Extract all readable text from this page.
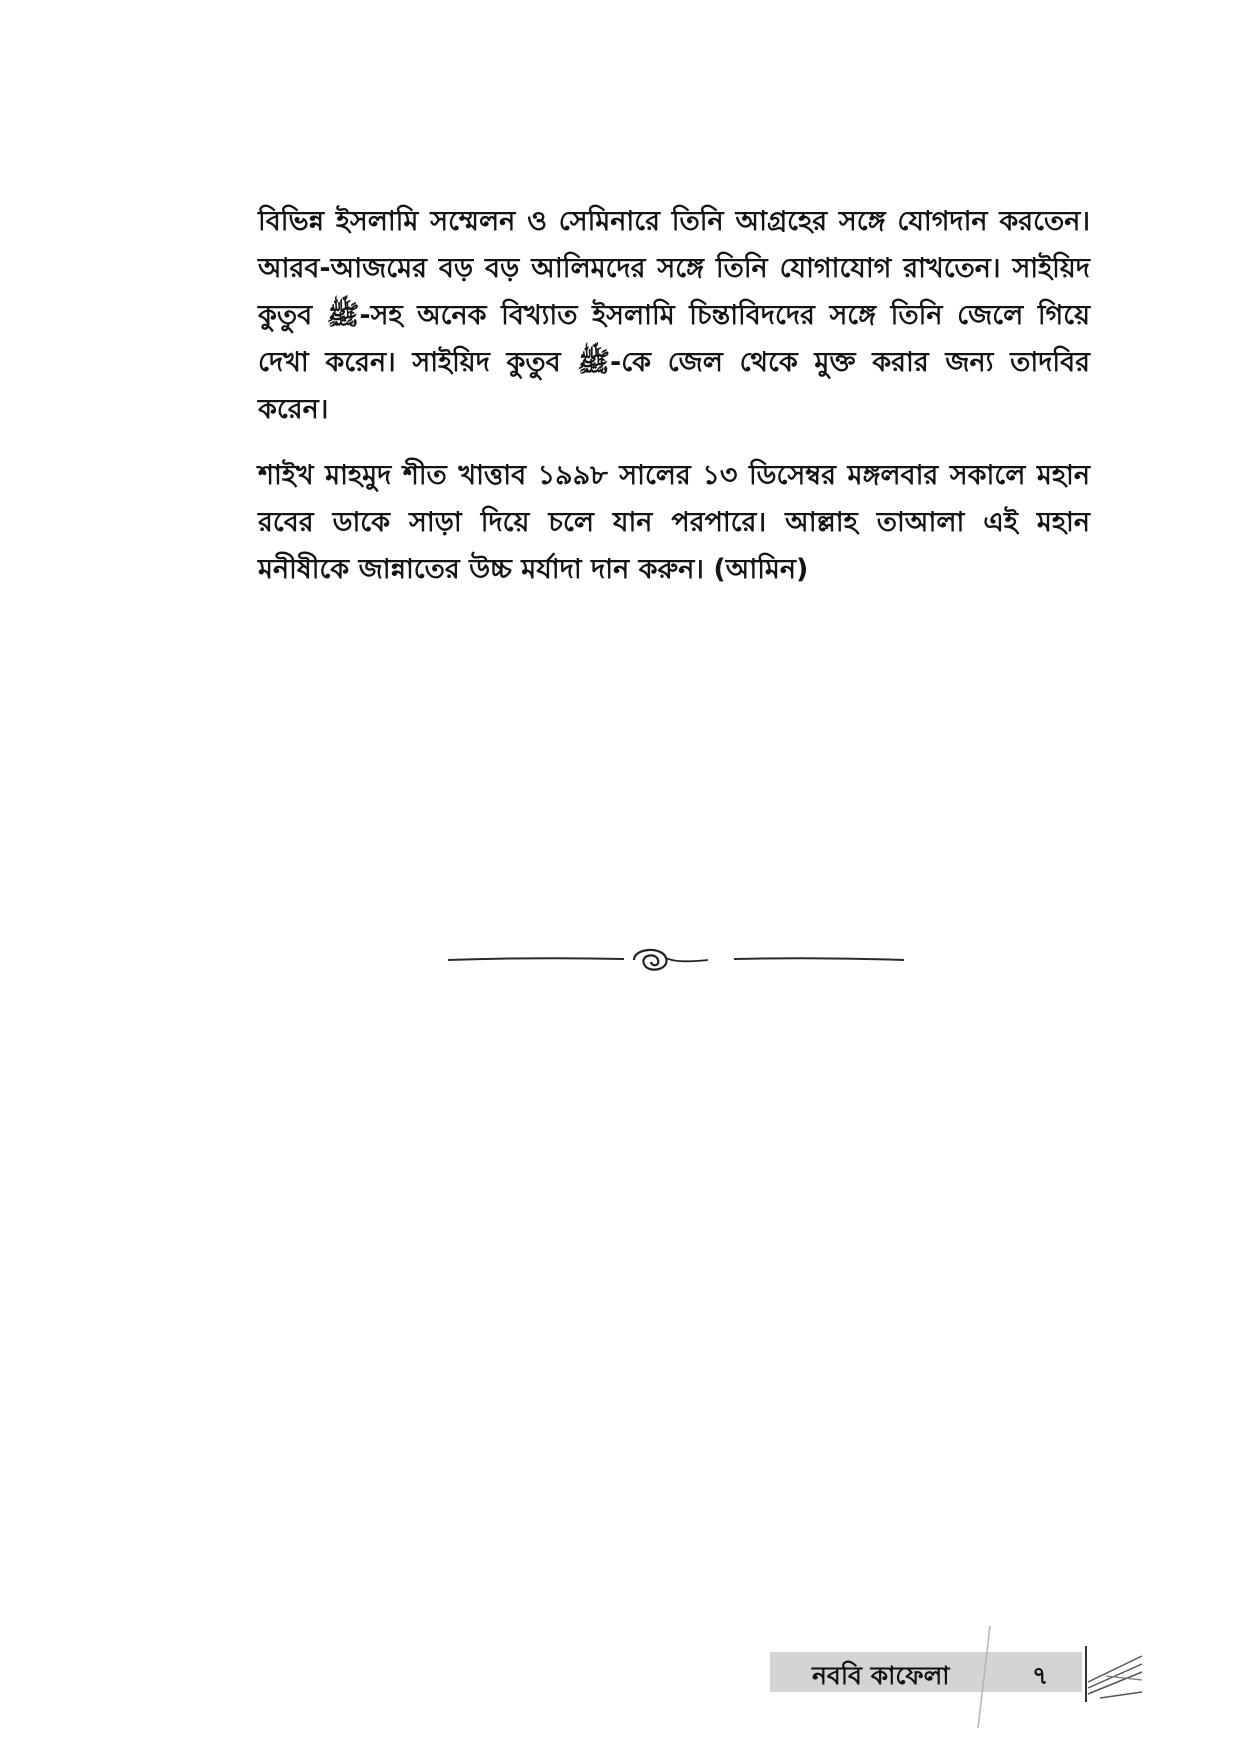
বিভিন্ন ইসলামি সম্মেলন ও সেমিনারে তিনি আগ্রহের সঙ্গে যোগদান করতেন। আরব-আজমের বড় বড় আলিমদের সঙ্গে তিনি যোগাযোগ রাখতেন। সাইয়িদ কুতুব ﷺ-সহ অনেক বিখ্যাত ইসলামি চিন্তাবিদদের সঙ্গে তিনি জেলে গিয়ে দেখা করেন। সাইয়িদ কুতুব ﷺ-কে জেল থেকে মুক্ত করার জন্য তাদবির করেন।
শাইখ মাহমুদ শীত খাত্তাব ১৯৯৮ সালের ১৩ ডিসেম্বর মঙ্গলবার সকালে মহান রবের ডাকে সাড়া দিয়ে চলে যান পরপারে। আল্লাহ তাআলা এই মহান মনীষীকে জান্নাতের উচ্চ মর্যাদা দান করুন। (আমিন)
নববি কাফেলা	৭
